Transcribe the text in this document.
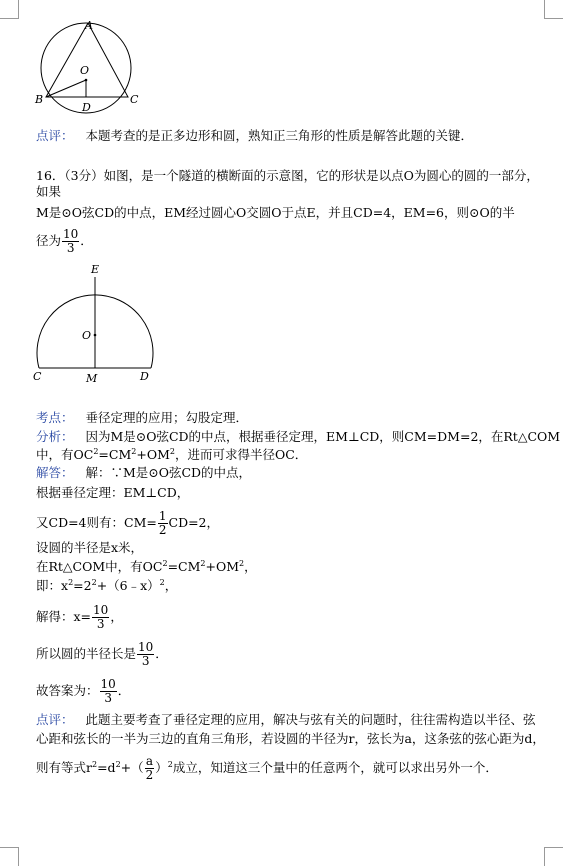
A
O
B	C
D
点评： 本题考查的是正多边形和圆，熟知正三角形的性质是解答此题的关键．
16．（3分）如图，是一个隧道的横断面的示意图，它的形状是以点O为圆心的圆的一部分，
如果
M是⊙O弦CD的中点，EM经过圆心O交圆O于点E，并且CD=4，EM=6，则⊙O的半
径为 $\frac{10}{3}$ ．
E
O
C	M	D
考点： 垂径定理的应用；勾股定理．
分析： 因为M是⊙O弦CD的中点，根据垂径定理，EM⊥CD，则CM=DM=2，在Rt△COM
中，有$OC^2=CM^2+OM^2$，进而可求得半径OC．
解答： 解：∵M是⊙O弦CD的中点，
根据垂径定理：EM⊥CD，
又CD=4则有：$CM= \frac{1}{2} CD=2$，
设圆的半径是x米，
在Rt△COM中，有$OC^2=CM^2+OM^2$，
即：$x^2=2^2+(6﹣x)^2$，
解得：$x= \frac{10}{3}$ ，
所以圆的半径长是 $\frac{10}{3}$ ．
故答案为： $\frac{10}{3}$ ．
点评： 此题主要考查了垂径定理的应用，解决与弦有关的问题时，往往需构造以半径、弦
心距和弦长的一半为三边的直角三角形，若设圆的半径为r，弦长为a，这条弦的弦心距为d，
则有等式$r^2=d^2+( \frac{a}{2} )^2$成立，知道这三个量中的任意两个，就可以求出另外一个．
